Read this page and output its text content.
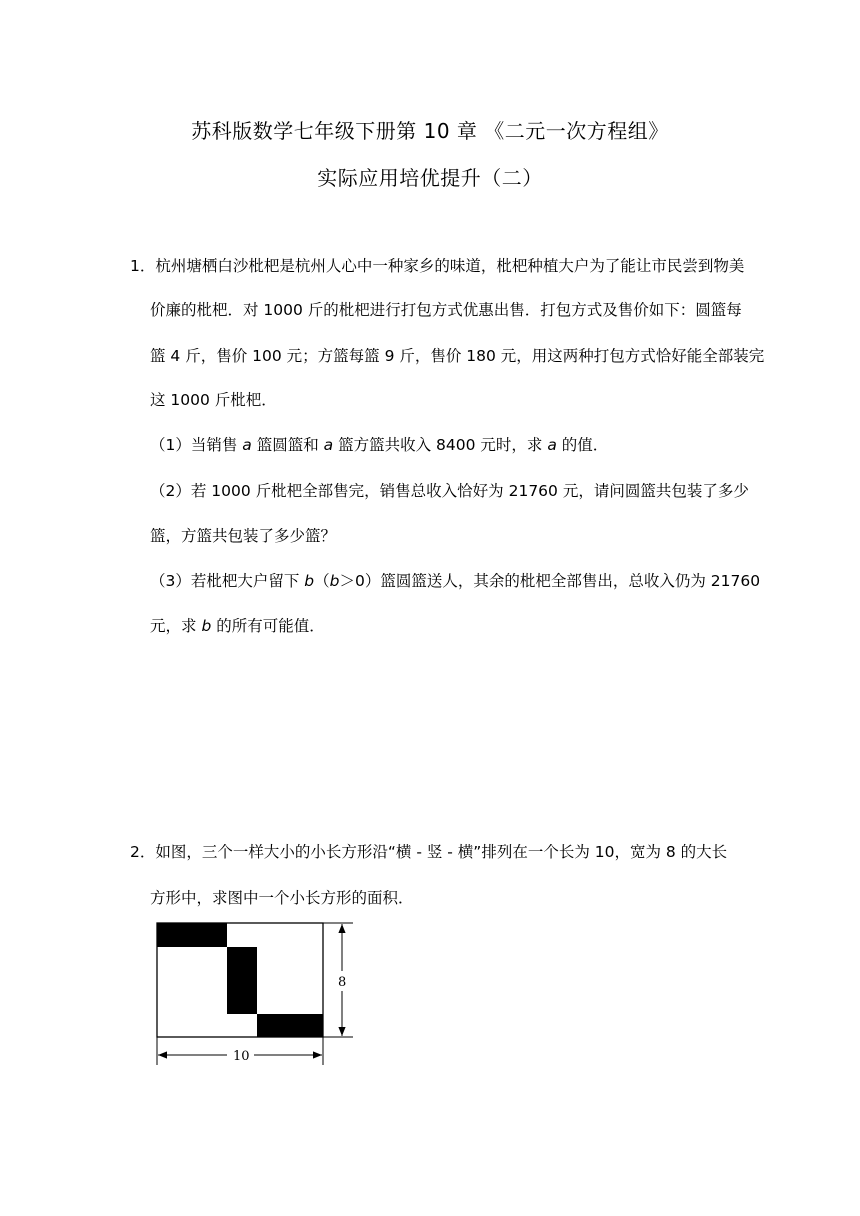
苏科版数学七年级下册第 10 章 《二元一次方程组》
实际应用培优提升（二）
1．杭州塘栖白沙枇杷是杭州人心中一种家乡的味道，枇杷种植大户为了能让市民尝到物美
价廉的枇杷．对 1000 斤的枇杷进行打包方式优惠出售．打包方式及售价如下：圆篮每
篮 4 斤，售价 100 元；方篮每篮 9 斤，售价 180 元，用这两种打包方式恰好能全部装完
这 1000 斤枇杷．
（1）当销售 a 篮圆篮和 a 篮方篮共收入 8400 元时，求 a 的值．
（2）若 1000 斤枇杷全部售完，销售总收入恰好为 21760 元，请问圆篮共包装了多少
篮，方篮共包装了多少篮？
（3）若枇杷大户留下 b（b＞0）篮圆篮送人，其余的枇杷全部售出，总收入仍为 21760
元，求 b 的所有可能值．
2．如图，三个一样大小的小长方形沿“横 - 竖 - 横”排列在一个长为 10，宽为 8 的大长
方形中，求图中一个小长方形的面积．
8
10
